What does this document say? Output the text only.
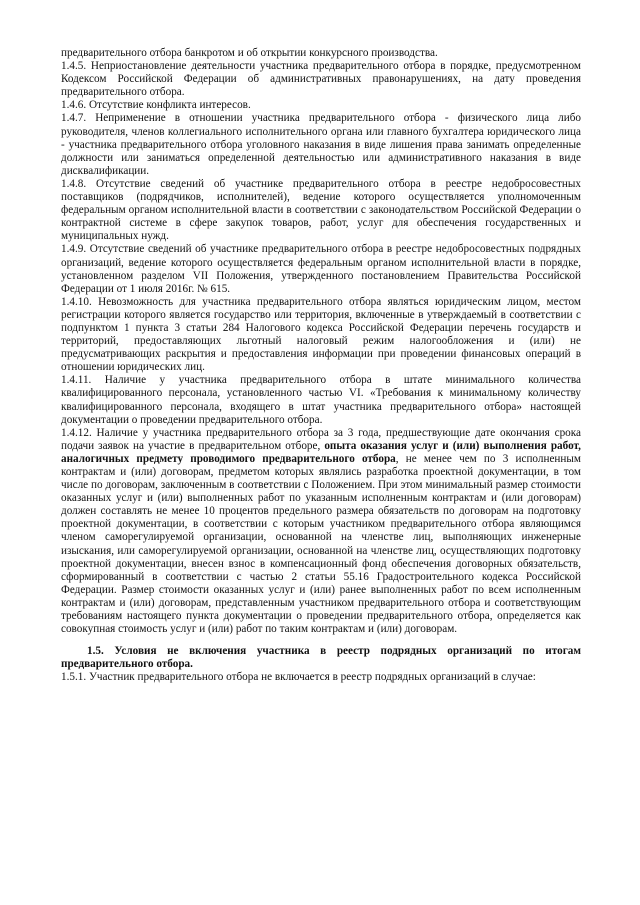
предварительного отбора банкротом и об открытии конкурсного производства.

1.4.5. Неприостановление деятельности участника предварительного отбора в порядке, предусмотренном Кодексом Российской Федерации об административных правонарушениях, на дату проведения предварительного отбора.

1.4.6. Отсутствие конфликта интересов.

1.4.7. Неприменение в отношении участника предварительного отбора - физического лица либо руководителя, членов коллегиального исполнительного органа или главного бухгалтера юридического лица - участника предварительного отбора уголовного наказания в виде лишения права занимать определенные должности или заниматься определенной деятельностью или административного наказания в виде дисквалификации.

1.4.8. Отсутствие сведений об участнике предварительного отбора в реестре недобросовестных поставщиков (подрядчиков, исполнителей), ведение которого осуществляется уполномоченным федеральным органом исполнительной власти в соответствии с законодательством Российской Федерации о контрактной системе в сфере закупок товаров, работ, услуг для обеспечения государственных и муниципальных нужд.

1.4.9. Отсутствие сведений об участнике предварительного отбора в реестре недобросовестных подрядных организаций, ведение которого осуществляется федеральным органом исполнительной власти в порядке, установленном разделом VII Положения, утвержденного постановлением Правительства Российской Федерации от 1 июля 2016г. № 615.

1.4.10. Невозможность для участника предварительного отбора являться юридическим лицом, местом регистрации которого является государство или территория, включенные в утверждаемый в соответствии с подпунктом 1 пункта 3 статьи 284 Налогового кодекса Российской Федерации перечень государств и территорий, предоставляющих льготный налоговый режим налогообложения и (или) не предусматривающих раскрытия и предоставления информации при проведении финансовых операций в отношении юридических лиц.

1.4.11. Наличие у участника предварительного отбора в штате минимального количества квалифицированного персонала, установленного частью VI. «Требования к минимальному количеству квалифицированного персонала, входящего в штат участника предварительного отбора» настоящей документации о проведении предварительного отбора.

1.4.12. Наличие у участника предварительного отбора за 3 года, предшествующие дате окончания срока подачи заявок на участие в предварительном отборе, опыта оказания услуг и (или) выполнения работ, аналогичных предмету проводимого предварительного отбора, не менее чем по 3 исполненным контрактам и (или) договорам, предметом которых являлись разработка проектной документации, в том числе по договорам, заключенным в соответствии с Положением. При этом минимальный размер стоимости оказанных услуг и (или) выполненных работ по указанным исполненным контрактам и (или договорам) должен составлять не менее 10 процентов предельного размера обязательств по договорам на подготовку проектной документации, в соответствии с которым участником предварительного отбора являющимся членом саморегулируемой организации, основанной на членстве лиц, выполняющих инженерные изыскания, или саморегулируемой организации, основанной на членстве лиц, осуществляющих подготовку проектной документации, внесен взнос в компенсационный фонд обеспечения договорных обязательств, сформированный в соответствии с частью 2 статьи 55.16 Градостроительного кодекса Российской Федерации. Размер стоимости оказанных услуг и (или) ранее выполненных работ по всем исполненным контрактам и (или) договорам, представленным участником предварительного отбора и соответствующим требованиям настоящего пункта документации о проведении предварительного отбора, определяется как совокупная стоимость услуг и (или) работ по таким контрактам и (или) договорам.

1.5. Условия не включения участника в реестр подрядных организаций по итогам предварительного отбора.

1.5.1. Участник предварительного отбора не включается в реестр подрядных организаций в случае:
